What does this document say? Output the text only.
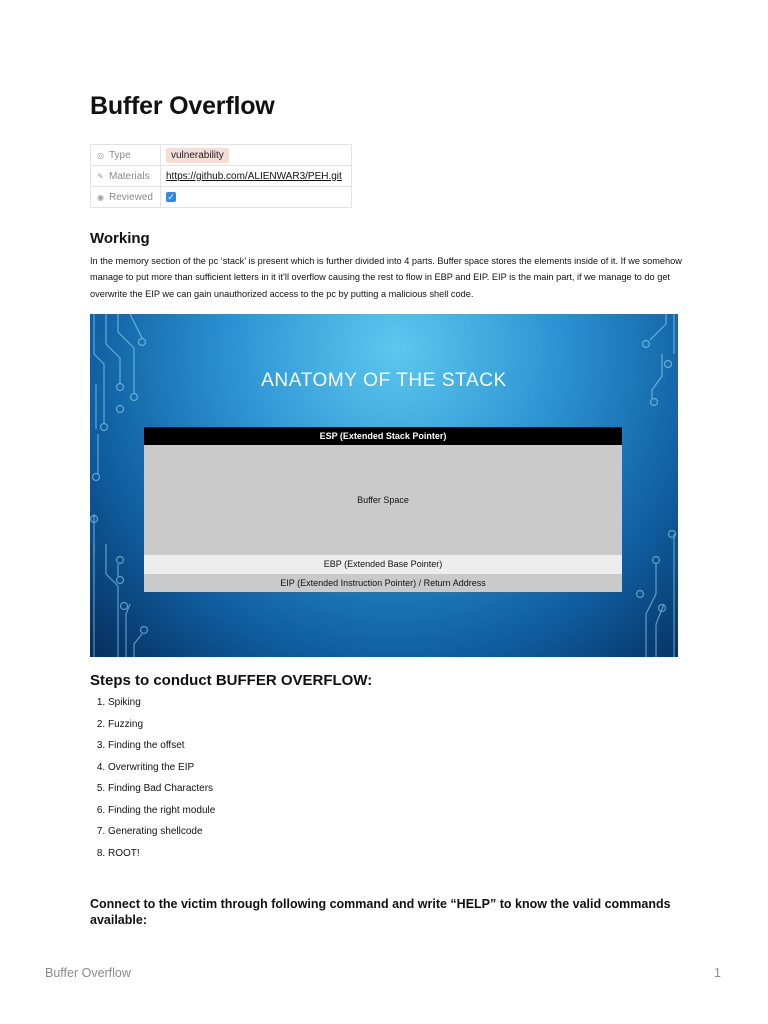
Buffer Overflow
◎ Type	vulnerability
✎ Materials	https://github.com/ALIENWAR3/PEH.git
◉ Reviewed	✓
Working

In the memory section of the pc ‘stack’ is present which is further divided into 4 parts. Buffer space stores the elements inside of it. If we somehow manage to put more than sufficient letters in it it’ll overflow causing the rest to flow in EBP and EIP. EIP is the main part, if we manage to do get overwrite the EIP we can gain unauthorized access to the pc by putting a malicious shell code.

ANATOMY OF THE STACK
ESP (Extended Stack Pointer)
Buffer Space
EBP (Extended Base Pointer)
EIP (Extended Instruction Pointer) / Return Address
Steps to conduct BUFFER OVERFLOW:
1. Spiking
2. Fuzzing
3. Finding the offset
4. Overwriting the EIP
5. Finding Bad Characters
6. Finding the right module
7. Generating shellcode
8. ROOT!

Connect to the victim through following command and write “HELP” to know the valid commands available:

Buffer Overflow	1
